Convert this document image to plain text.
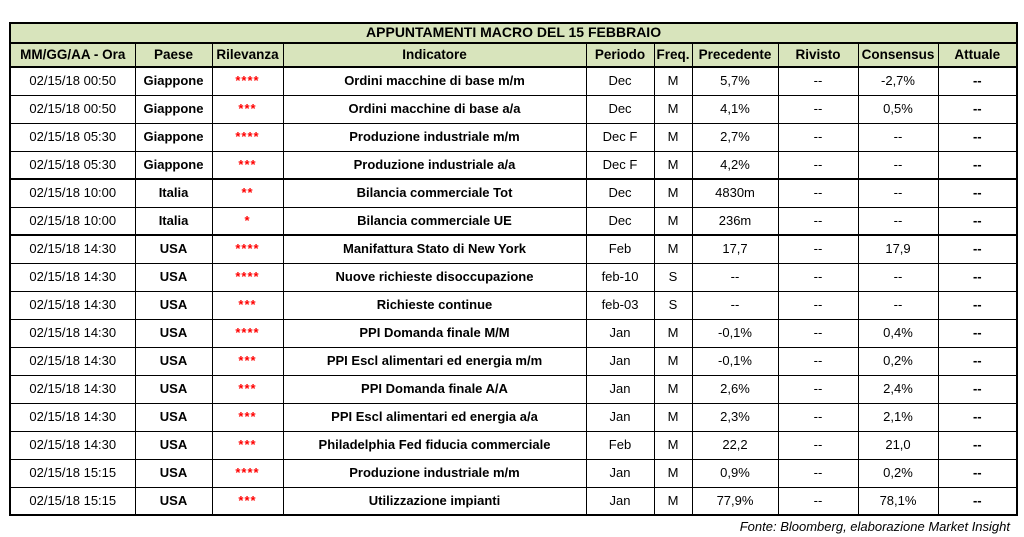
APPUNTAMENTI MACRO DEL 15 FEBBRAIO									
MM/GG/AA - Ora	Paese	Rilevanza	Indicatore	Periodo	Freq.	Precedente	Rivisto	Consensus	Attuale
02/15/18 00:50	Giappone	****	Ordini macchine di base m/m	Dec	M	5,7%	--	-2,7%	--
02/15/18 00:50	Giappone	***	Ordini macchine di base a/a	Dec	M	4,1%	--	0,5%	--
02/15/18 05:30	Giappone	****	Produzione industriale m/m	Dec F	M	2,7%	--	--	--
02/15/18 05:30	Giappone	***	Produzione industriale a/a	Dec F	M	4,2%	--	--	--
02/15/18 10:00	Italia	**	Bilancia commerciale Tot	Dec	M	4830m	--	--	--
02/15/18 10:00	Italia	*	Bilancia commerciale UE	Dec	M	236m	--	--	--
02/15/18 14:30	USA	****	Manifattura Stato di New York	Feb	M	17,7	--	17,9	--
02/15/18 14:30	USA	****	Nuove richieste disoccupazione	feb-10	S	--	--	--	--
02/15/18 14:30	USA	***	Richieste continue	feb-03	S	--	--	--	--
02/15/18 14:30	USA	****	PPI Domanda finale M/M	Jan	M	-0,1%	--	0,4%	--
02/15/18 14:30	USA	***	PPI Escl alimentari ed energia m/m	Jan	M	-0,1%	--	0,2%	--
02/15/18 14:30	USA	***	PPI Domanda finale A/A	Jan	M	2,6%	--	2,4%	--
02/15/18 14:30	USA	***	PPI Escl alimentari ed energia a/a	Jan	M	2,3%	--	2,1%	--
02/15/18 14:30	USA	***	Philadelphia Fed fiducia commerciale	Feb	M	22,2	--	21,0	--
02/15/18 15:15	USA	****	Produzione industriale m/m	Jan	M	0,9%	--	0,2%	--
02/15/18 15:15	USA	***	Utilizzazione impianti	Jan	M	77,9%	--	78,1%	--
Fonte: Bloomberg, elaborazione Market Insight
